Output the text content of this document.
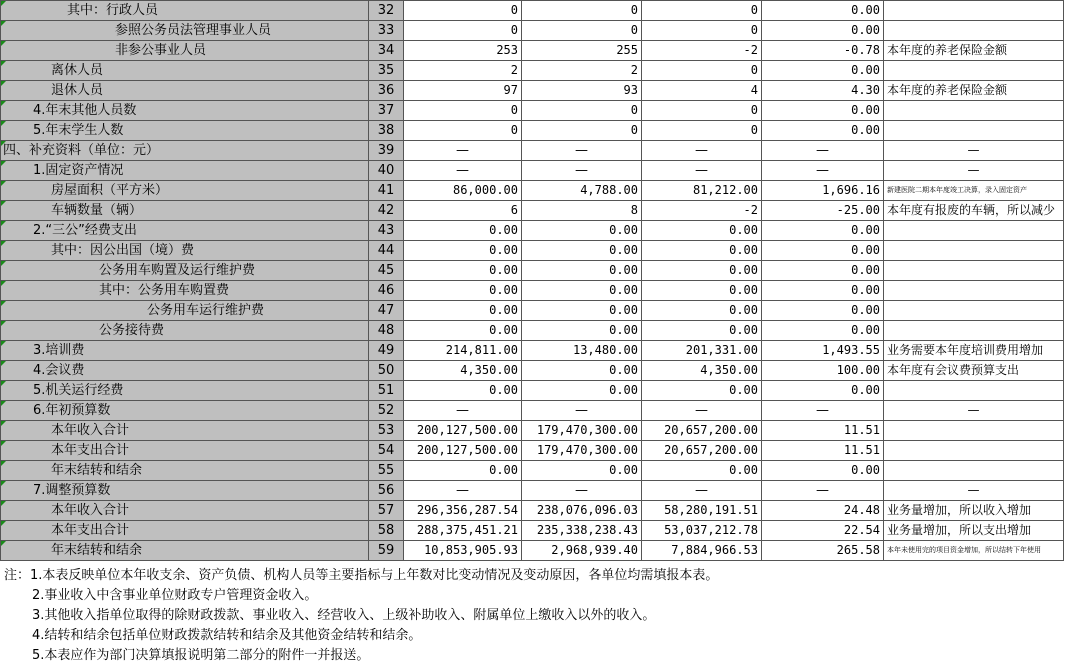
其中：行政人员	32	0	0	0	0.00	
参照公务员法管理事业人员	33	0	0	0	0.00	
非参公事业人员	34	253	255	-2	-0.78	本年度的养老保险金额
离休人员	35	2	2	0	0.00	
退休人员	36	97	93	4	4.30	本年度的养老保险金额
4.年末其他人员数	37	0	0	0	0.00	
5.年末学生人数	38	0	0	0	0.00	
四、补充资料（单位：元）	39	—	—	—	—	—
1.固定资产情况	40	—	—	—	—	—
房屋面积（平方米）	41	86,000.00	4,788.00	81,212.00	1,696.16	新建医院二期本年度竣工决算，录入固定资产
车辆数量（辆）	42	6	8	-2	-25.00	本年度有报废的车辆，所以减少
2.“三公”经费支出	43	0.00	0.00	0.00	0.00	
其中：因公出国（境）费	44	0.00	0.00	0.00	0.00	
公务用车购置及运行维护费	45	0.00	0.00	0.00	0.00	
其中：公务用车购置费	46	0.00	0.00	0.00	0.00	
公务用车运行维护费	47	0.00	0.00	0.00	0.00	
公务接待费	48	0.00	0.00	0.00	0.00	
3.培训费	49	214,811.00	13,480.00	201,331.00	1,493.55	业务需要本年度培训费用增加
4.会议费	50	4,350.00	0.00	4,350.00	100.00	本年度有会议费预算支出
5.机关运行经费	51	0.00	0.00	0.00	0.00	
6.年初预算数	52	—	—	—	—	—
本年收入合计	53	200,127,500.00	179,470,300.00	20,657,200.00	11.51	
本年支出合计	54	200,127,500.00	179,470,300.00	20,657,200.00	11.51	
年末结转和结余	55	0.00	0.00	0.00	0.00	
7.调整预算数	56	—	—	—	—	—
本年收入合计	57	296,356,287.54	238,076,096.03	58,280,191.51	24.48	业务量增加，所以收入增加
本年支出合计	58	288,375,451.21	235,338,238.43	53,037,212.78	22.54	业务量增加，所以支出增加
年末结转和结余	59	10,853,905.93	2,968,939.40	7,884,966.53	265.58	本年未使用完的项目资金增加，所以结转下年使用
注：1.本表反映单位本年收支余、资产负债、机构人员等主要指标与上年数对比变动情况及变动原因，各单位均需填报本表。
2.事业收入中含事业单位财政专户管理资金收入。
3.其他收入指单位取得的除财政拨款、事业收入、经营收入、上级补助收入、附属单位上缴收入以外的收入。
4.结转和结余包括单位财政拨款结转和结余及其他资金结转和结余。
5.本表应作为部门决算填报说明第二部分的附件一并报送。
